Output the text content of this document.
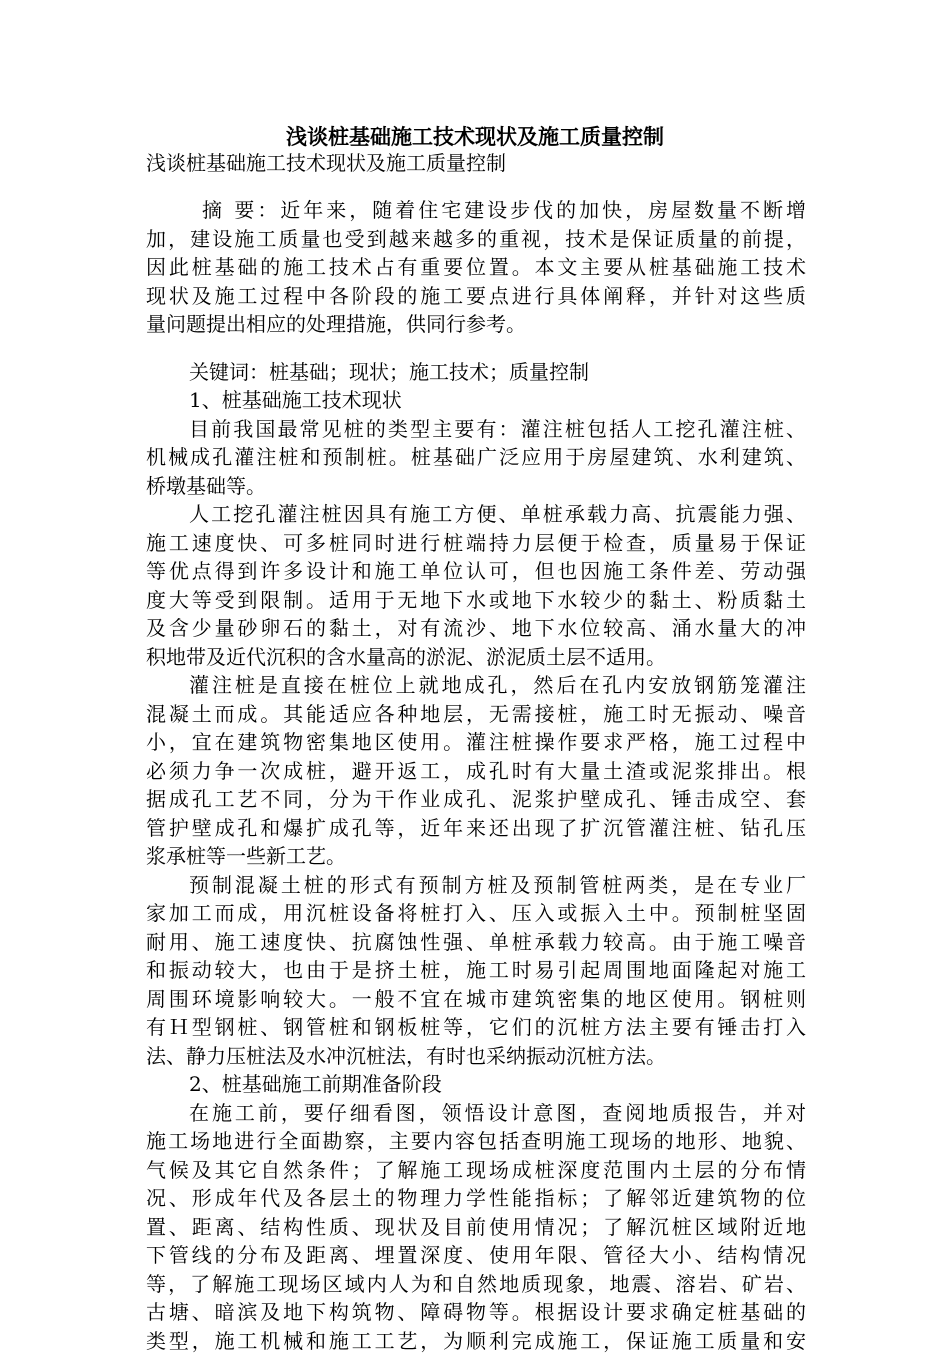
浅谈桩基础施工技术现状及施工质量控制
浅谈桩基础施工技术现状及施工质量控制
摘 要：近年来，随着住宅建设步伐的加快，房屋数量不断增
加，建设施工质量也受到越来越多的重视，技术是保证质量的前提，
因此桩基础的施工技术占有重要位置。本文主要从桩基础施工技术
现状及施工过程中各阶段的施工要点进行具体阐释，并针对这些质
量问题提出相应的处理措施，供同行参考。
关键词：桩基础；现状；施工技术；质量控制
1、桩基础施工技术现状
目前我国最常见桩的类型主要有：灌注桩包括人工挖孔灌注桩、
机械成孔灌注桩和预制桩。桩基础广泛应用于房屋建筑、水利建筑、
桥墩基础等。
人工挖孔灌注桩因具有施工方便、单桩承载力高、抗震能力强、
施工速度快、可多桩同时进行桩端持力层便于检查，质量易于保证
等优点得到许多设计和施工单位认可，但也因施工条件差、劳动强
度大等受到限制。适用于无地下水或地下水较少的黏土、粉质黏土
及含少量砂卵石的黏土，对有流沙、地下水位较高、涌水量大的冲
积地带及近代沉积的含水量高的淤泥、淤泥质土层不适用。
灌注桩是直接在桩位上就地成孔，然后在孔内安放钢筋笼灌注
混凝土而成。其能适应各种地层，无需接桩，施工时无振动、噪音
小，宜在建筑物密集地区使用。灌注桩操作要求严格，施工过程中
必须力争一次成桩，避开返工，成孔时有大量土渣或泥浆排出。根
据成孔工艺不同，分为干作业成孔、泥浆护壁成孔、锤击成空、套
管护壁成孔和爆扩成孔等，近年来还出现了扩沉管灌注桩、钻孔压
浆承桩等一些新工艺。
预制混凝土桩的形式有预制方桩及预制管桩两类，是在专业厂
家加工而成，用沉桩设备将桩打入、压入或振入土中。预制桩坚固
耐用、施工速度快、抗腐蚀性强、单桩承载力较高。由于施工噪音
和振动较大，也由于是挤土桩，施工时易引起周围地面隆起对施工
周围环境影响较大。一般不宜在城市建筑密集的地区使用。钢桩则
有Ｈ型钢桩、钢管桩和钢板桩等，它们的沉桩方法主要有锤击打入
法、静力压桩法及水冲沉桩法，有时也采纳振动沉桩方法。
2、桩基础施工前期准备阶段
在施工前，要仔细看图，领悟设计意图，查阅地质报告，并对
施工场地进行全面勘察，主要内容包括查明施工现场的地形、地貌、
气候及其它自然条件；了解施工现场成桩深度范围内土层的分布情
况、形成年代及各层土的物理力学性能指标；了解邻近建筑物的位
置、距离、结构性质、现状及目前使用情况；了解沉桩区域附近地
下管线的分布及距离、埋置深度、使用年限、管径大小、结构情况
等，了解施工现场区域内人为和自然地质现象，地震、溶岩、矿岩、
古塘、暗滨及地下构筑物、障碍物等。根据设计要求确定桩基础的
类型，施工机械和施工工艺，为顺利完成施工，保证施工质量和安
